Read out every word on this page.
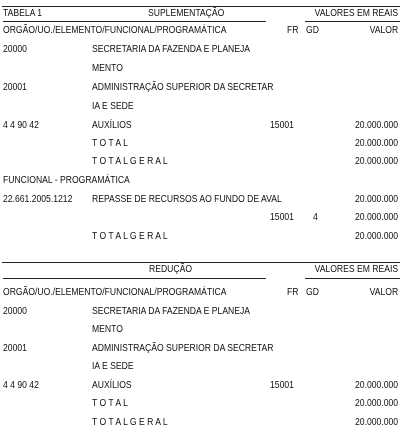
TABELA 1	SUPLEMENTAÇÃO	VALORES EM REAIS
ORGÃO/UO./ELEMENTO/FUNCIONAL/PROGRAMÁTICA	FR GD	VALOR
20000	SECRETARIA DA FAZENDA E PLANEJA
MENTO
20001	ADMINISTRAÇÃO SUPERIOR DA SECRETAR
IA E SEDE
4 4 90 42	AUXÍLIOS	15001	20.000.000
T O T A L	20.000.000
T O T A L G E R A L	20.000.000
FUNCIONAL - PROGRAMÁTICA
22.661.2005.1212 REPASSE DE RECURSOS AO FUNDO DE AVAL	20.000.000
15001 4	20.000.000
T O T A L G E R A L	20.000.000
REDUÇÃO	VALORES EM REAIS
ORGÃO/UO./ELEMENTO/FUNCIONAL/PROGRAMÁTICA	FR GD	VALOR
20000	SECRETARIA DA FAZENDA E PLANEJA
MENTO
20001	ADMINISTRAÇÃO SUPERIOR DA SECRETAR
IA E SEDE
4 4 90 42	AUXÍLIOS	15001	20.000.000
T O T A L	20.000.000
T O T A L G E R A L	20.000.000
